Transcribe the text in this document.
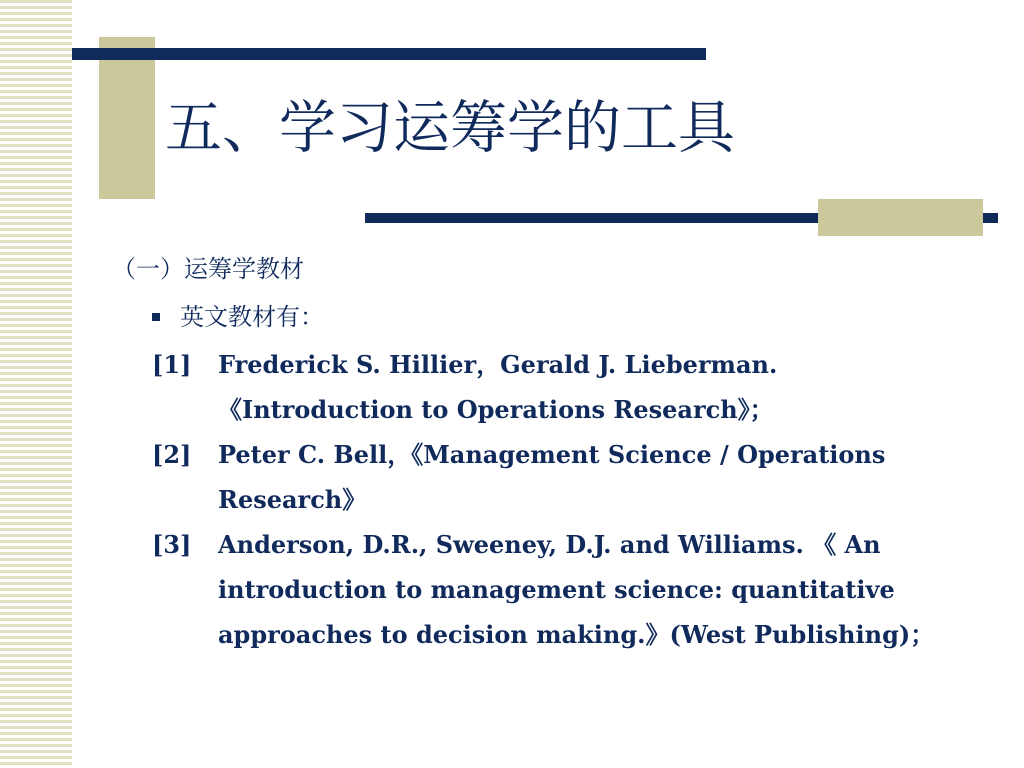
五、学习运筹学的工具
（一）运筹学教材
英文教材有：
[1]	Frederick S. Hillier，Gerald J. Lieberman.
《Introduction to Operations Research》；
[2]	Peter C. Bell，《Management Science / Operations
Research》
[3]	Anderson, D.R., Sweeney, D.J. and Williams. 《 An
introduction to management science: quantitative
approaches to decision making.》(West Publishing)；
